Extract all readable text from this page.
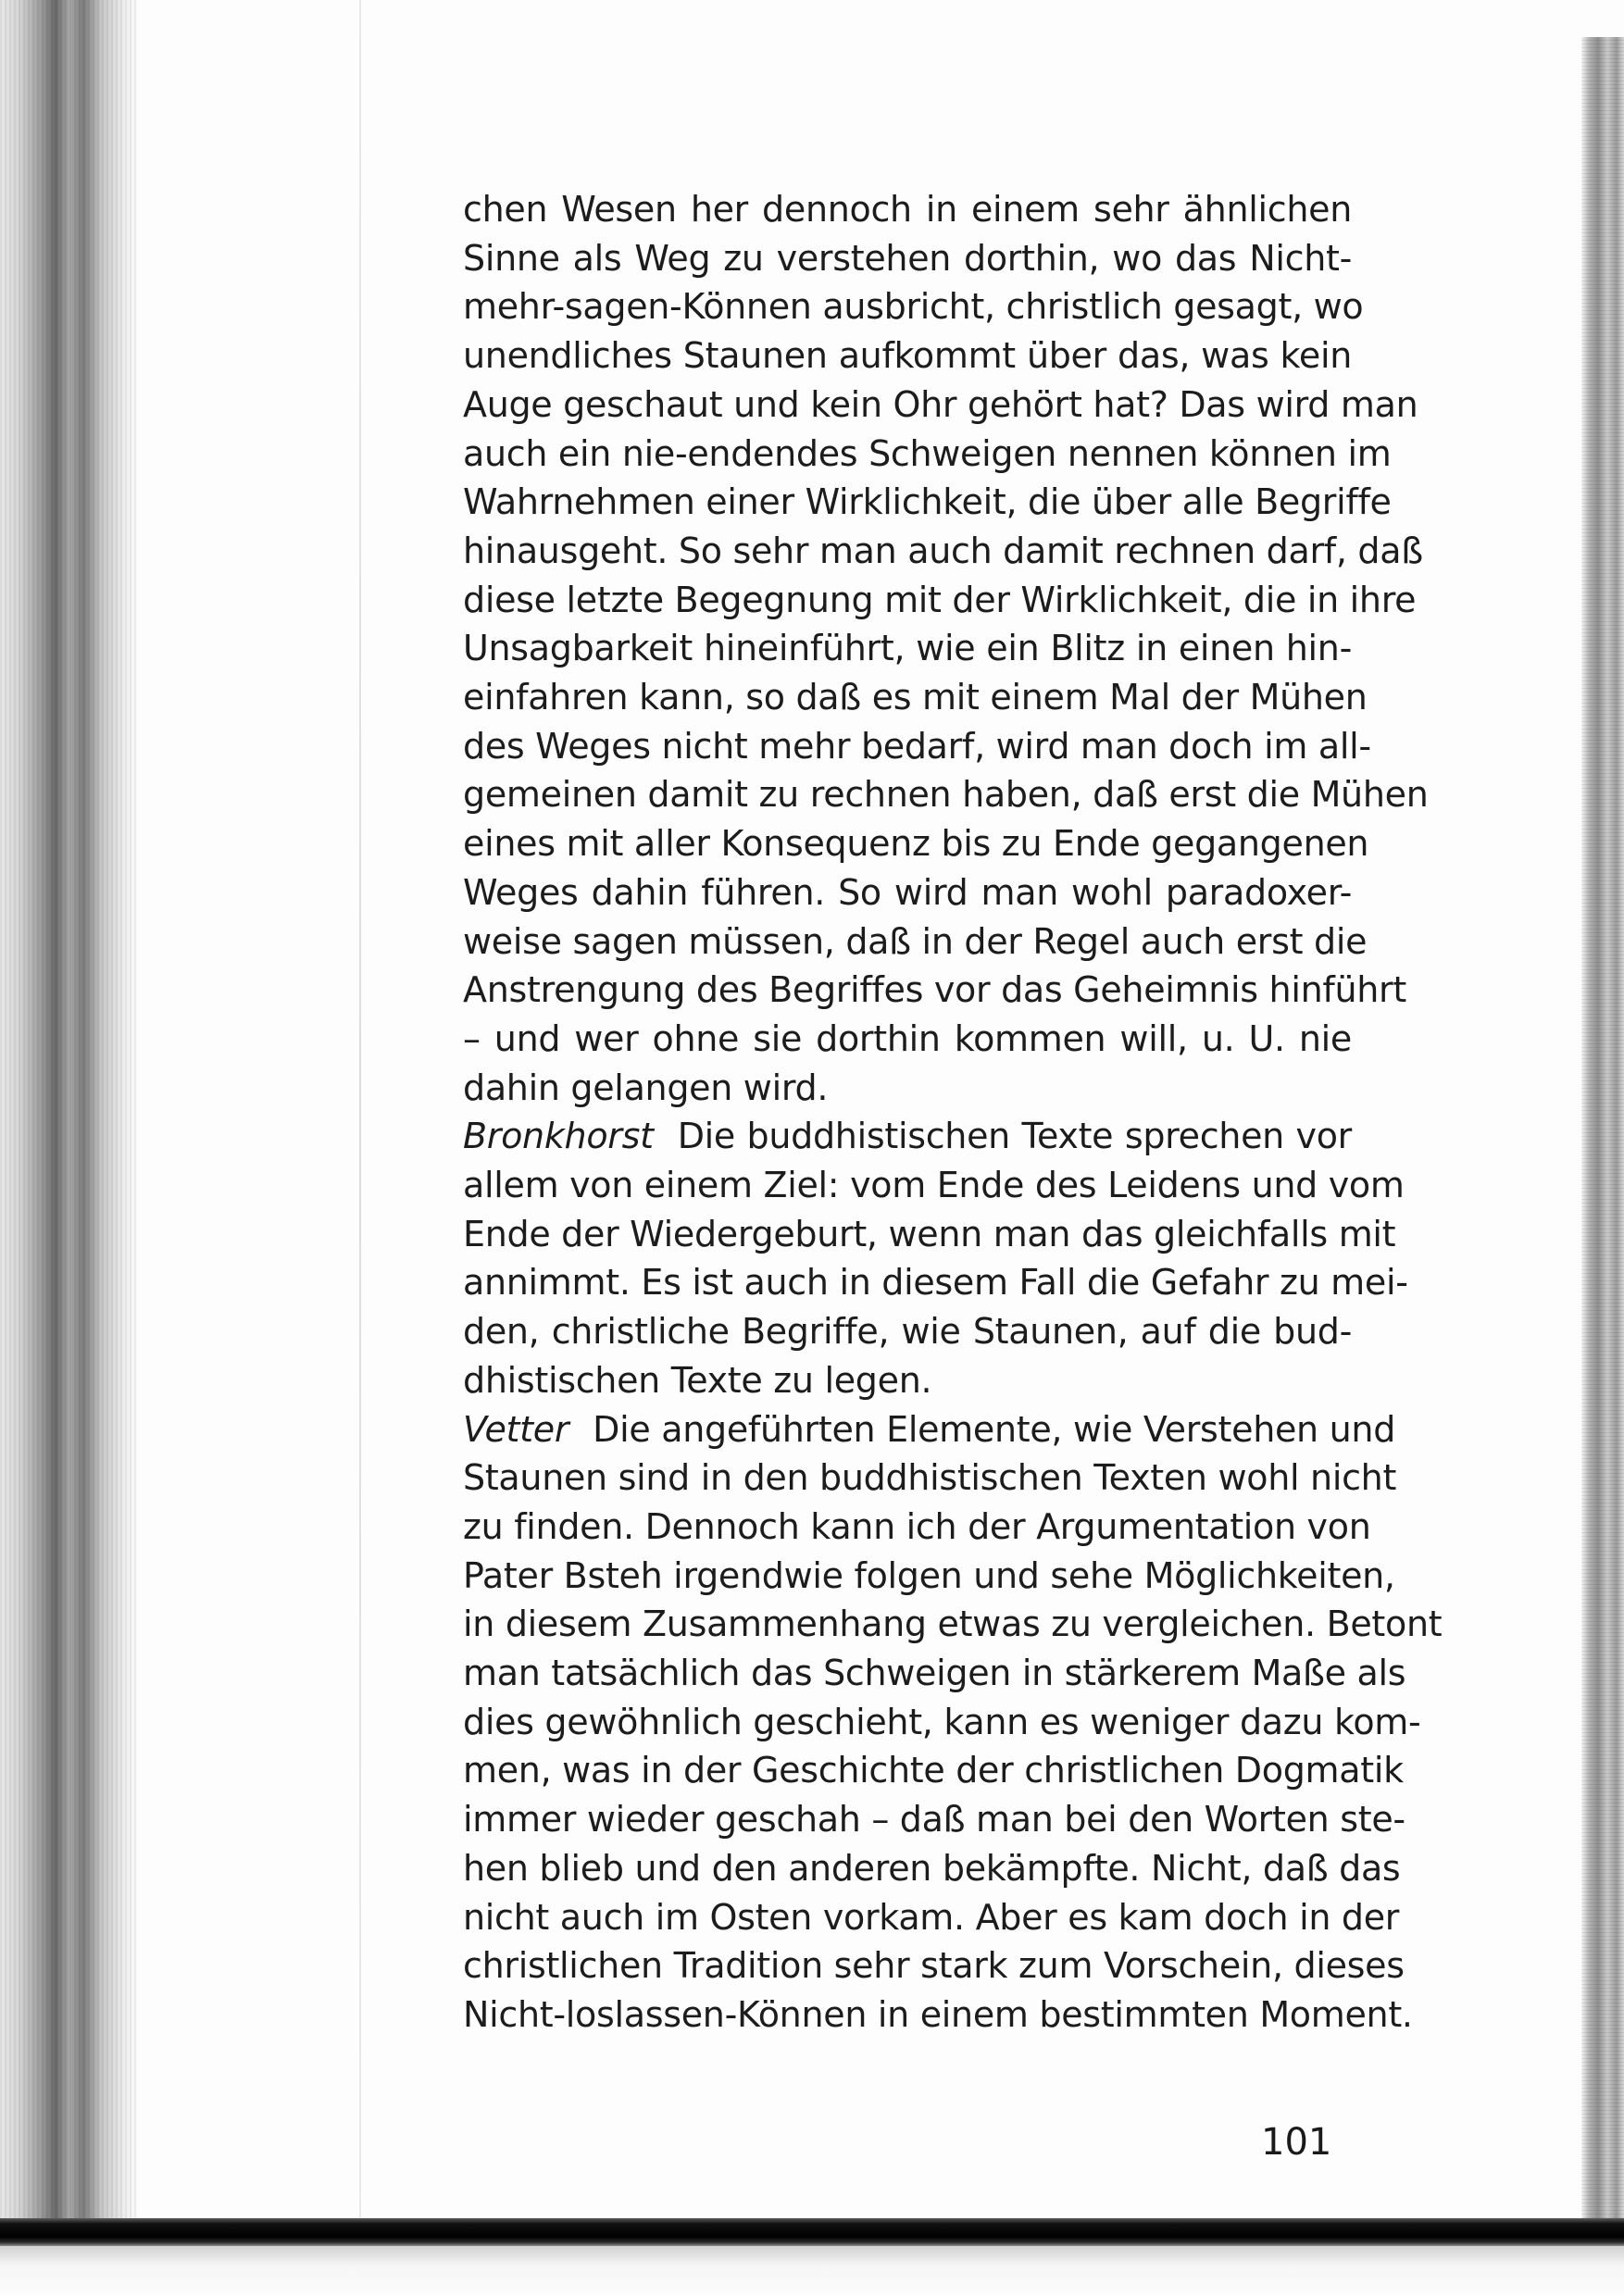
chen Wesen her dennoch in einem sehr ähnlichen
Sinne als Weg zu verstehen dorthin, wo das Nicht-
mehr-sagen-Können ausbricht, christlich gesagt, wo
unendliches Staunen aufkommt über das, was kein
Auge geschaut und kein Ohr gehört hat? Das wird man
auch ein nie-endendes Schweigen nennen können im
Wahrnehmen einer Wirklichkeit, die über alle Begriffe
hinausgeht. So sehr man auch damit rechnen darf, daß
diese letzte Begegnung mit der Wirklichkeit, die in ihre
Unsagbarkeit hineinführt, wie ein Blitz in einen hin-
einfahren kann, so daß es mit einem Mal der Mühen
des Weges nicht mehr bedarf, wird man doch im all-
gemeinen damit zu rechnen haben, daß erst die Mühen
eines mit aller Konsequenz bis zu Ende gegangenen
Weges dahin führen. So wird man wohl paradoxer-
weise sagen müssen, daß in der Regel auch erst die
Anstrengung des Begriffes vor das Geheimnis hinführt
– und wer ohne sie dorthin kommen will, u. U. nie
dahin gelangen wird.
Bronkhorst Die buddhistischen Texte sprechen vor
allem von einem Ziel: vom Ende des Leidens und vom
Ende der Wiedergeburt, wenn man das gleichfalls mit
annimmt. Es ist auch in diesem Fall die Gefahr zu mei-
den, christliche Begriffe, wie Staunen, auf die bud-
dhistischen Texte zu legen.
Vetter Die angeführten Elemente, wie Verstehen und
Staunen sind in den buddhistischen Texten wohl nicht
zu finden. Dennoch kann ich der Argumentation von
Pater Bsteh irgendwie folgen und sehe Möglichkeiten,
in diesem Zusammenhang etwas zu vergleichen. Betont
man tatsächlich das Schweigen in stärkerem Maße als
dies gewöhnlich geschieht, kann es weniger dazu kom-
men, was in der Geschichte der christlichen Dogmatik
immer wieder geschah – daß man bei den Worten ste-
hen blieb und den anderen bekämpfte. Nicht, daß das
nicht auch im Osten vorkam. Aber es kam doch in der
christlichen Tradition sehr stark zum Vorschein, dieses
Nicht-loslassen-Können in einem bestimmten Moment.
101
